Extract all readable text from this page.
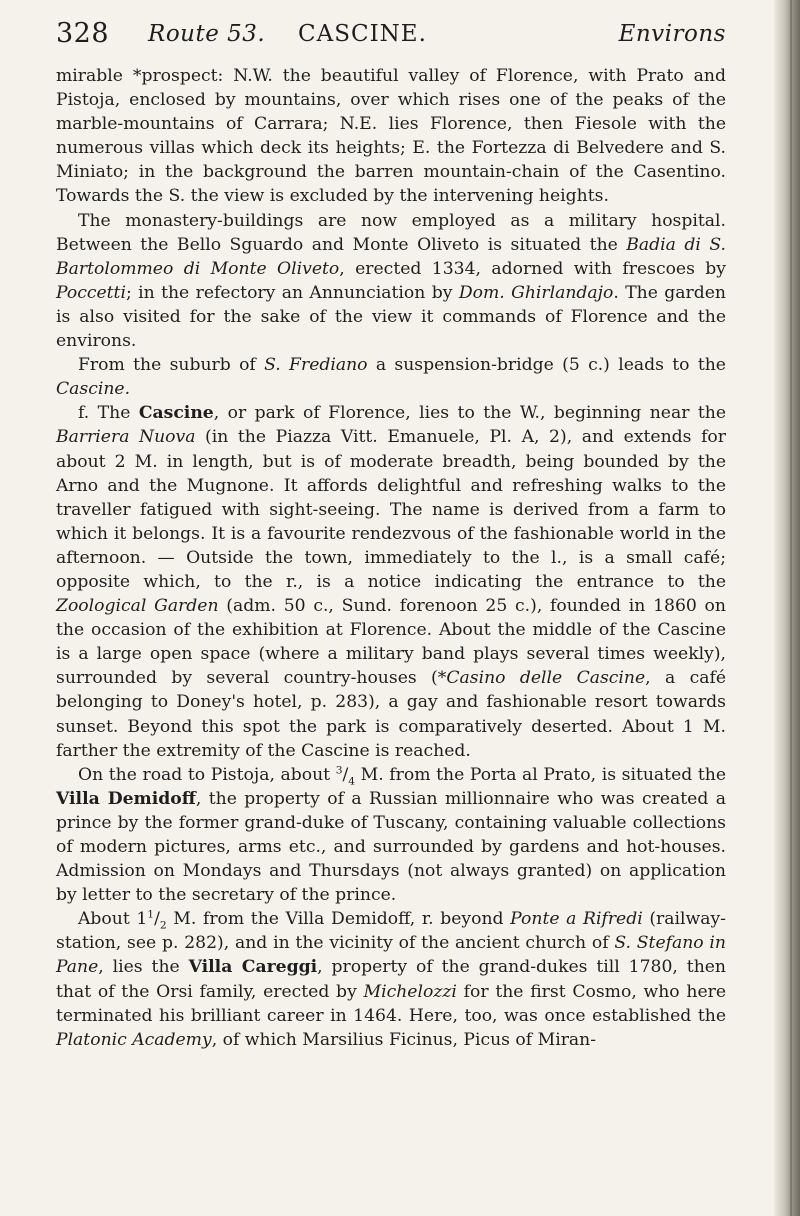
328 Route 53. CASCINE.	Environs

mirable *prospect: N.W. the beautiful valley of Florence, with Prato and Pistoja, enclosed by mountains, over which rises one of the peaks of the marble-mountains of Carrara; N.E. lies Florence, then Fiesole with the numerous villas which deck its heights; E. the Fortezza di Belvedere and S. Miniato; in the background the barren mountain-chain of the Casentino. Towards the S. the view is excluded by the intervening heights.

The monastery-buildings are now employed as a military hospital. Between the Bello Sguardo and Monte Oliveto is situated the Badia di S. Bartolommeo di Monte Oliveto, erected 1334, adorned with frescoes by Poccetti; in the refectory an Annunciation by Dom. Ghirlandajo. The garden is also visited for the sake of the view it commands of Florence and the environs.

From the suburb of S. Frediano a suspension-bridge (5 c.) leads to the Cascine.

f. The Cascine, or park of Florence, lies to the W., beginning near the Barriera Nuova (in the Piazza Vitt. Emanuele, Pl. A, 2), and extends for about 2 M. in length, but is of moderate breadth, being bounded by the Arno and the Mugnone. It affords delightful and refreshing walks to the traveller fatigued with sight-seeing. The name is derived from a farm to which it belongs. It is a favourite rendezvous of the fashionable world in the afternoon. — Outside the town, immediately to the l., is a small café; opposite which, to the r., is a notice indicating the entrance to the Zoological Garden (adm. 50 c., Sund. forenoon 25 c.), founded in 1860 on the occasion of the exhibition at Florence. About the middle of the Cascine is a large open space (where a military band plays several times weekly), surrounded by several country-houses (*Casino delle Cascine, a café belonging to Doney's hotel, p. 283), a gay and fashionable resort towards sunset. Beyond this spot the park is comparatively deserted. About 1 M. farther the extremity of the Cascine is reached.

On the road to Pistoja, about $^3/_4$ M. from the Porta al Prato, is situated the Villa Demidoff, the property of a Russian millionnaire who was created a prince by the former grand-duke of Tuscany, containing valuable collections of modern pictures, arms etc., and surrounded by gardens and hot-houses. Admission on Mondays and Thursdays (not always granted) on application by letter to the secretary of the prince.

About $1^1/_2$ M. from the Villa Demidoff, r. beyond Ponte a Rifredi (railway-station, see p. 282), and in the vicinity of the ancient church of S. Stefano in Pane, lies the Villa Careggi, property of the grand-dukes till 1780, then that of the Orsi family, erected by Michelozzi for the first Cosmo, who here terminated his brilliant career in 1464. Here, too, was once established the Platonic Academy, of which Marsilius Ficinus, Picus of Miran-
